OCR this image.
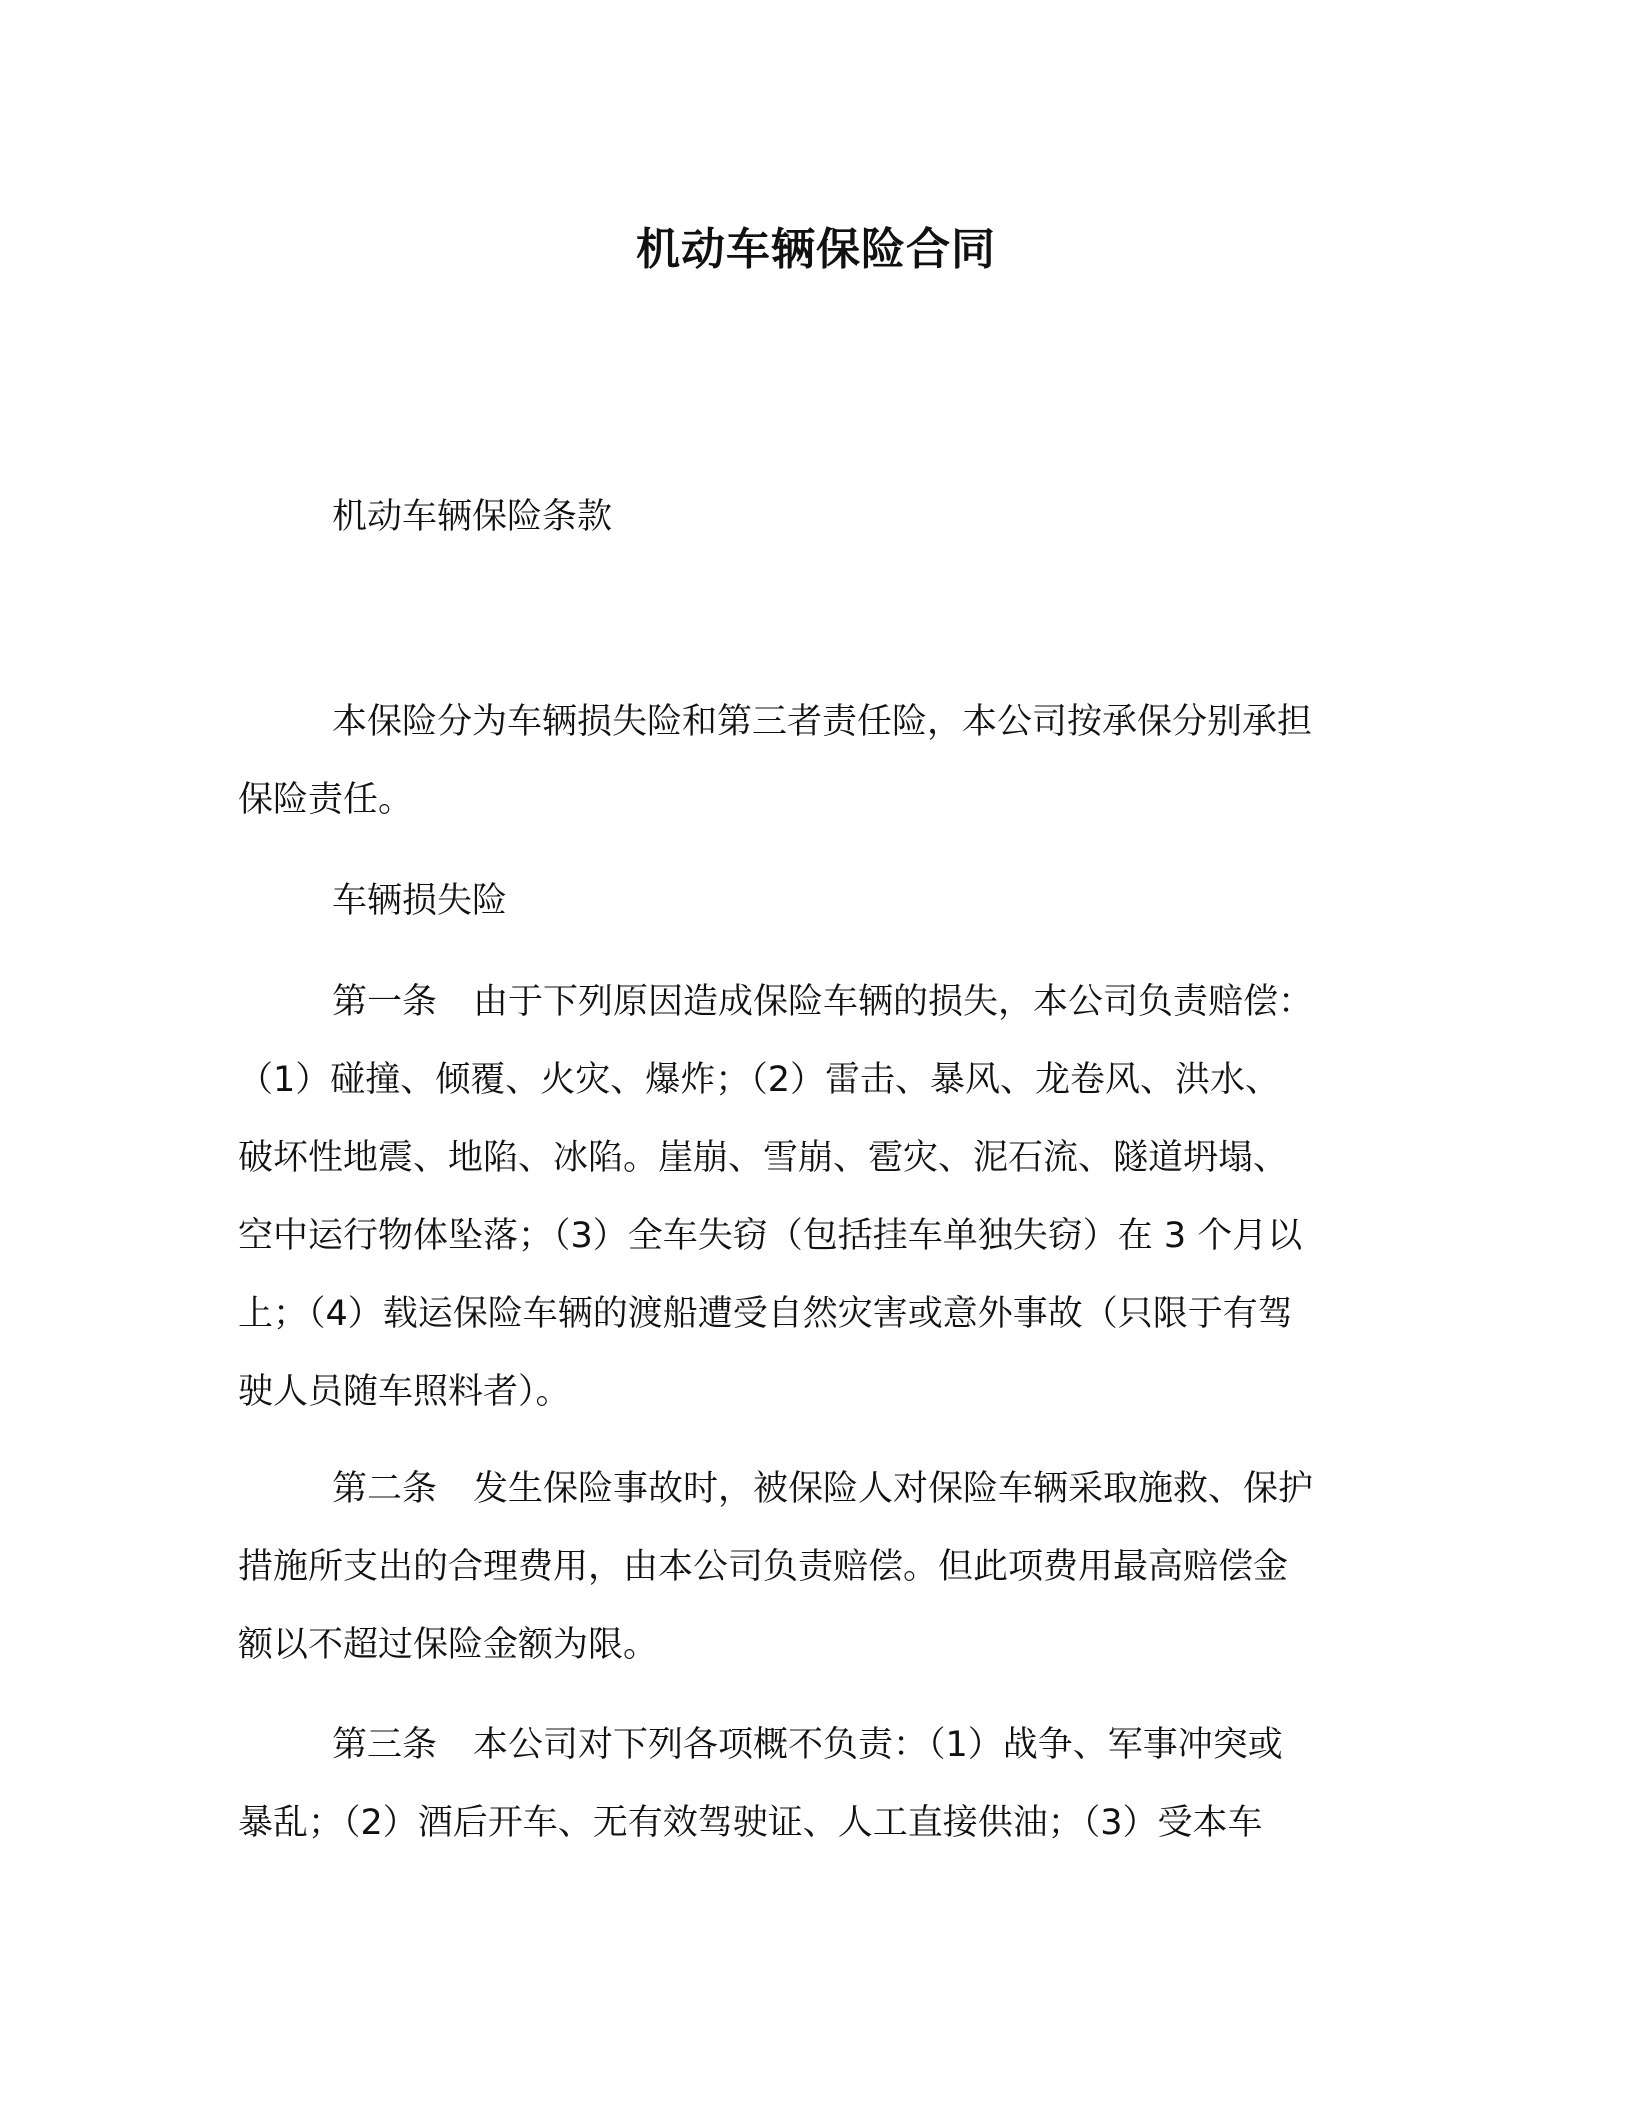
机动车辆保险合同
机动车辆保险条款

本保险分为车辆损失险和第三者责任险，本公司按承保分别承担

保险责任。

车辆损失险

第一条 由于下列原因造成保险车辆的损失，本公司负责赔偿：

（1）碰撞、倾覆、火灾、爆炸；（2）雷击、暴风、龙卷风、洪水、

破坏性地震、地陷、冰陷。崖崩、雪崩、雹灾、泥石流、隧道坍塌、

空中运行物体坠落；（3）全车失窃（包括挂车单独失窃）在 3 个月以

上；（4）载运保险车辆的渡船遭受自然灾害或意外事故（只限于有驾

驶人员随车照料者）。

第二条 发生保险事故时，被保险人对保险车辆采取施救、保护

措施所支出的合理费用，由本公司负责赔偿。但此项费用最高赔偿金

额以不超过保险金额为限。

第三条 本公司对下列各项概不负责：（1）战争、军事冲突或

暴乱；（2）酒后开车、无有效驾驶证、人工直接供油；（3）受本车
